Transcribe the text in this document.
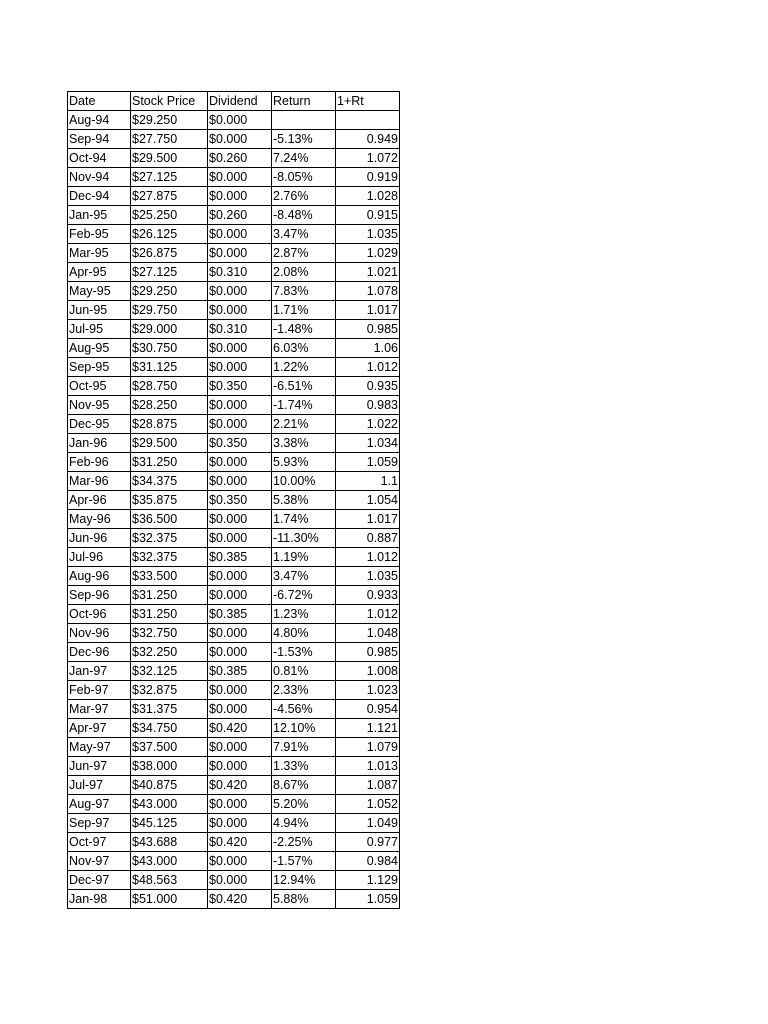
Date	Stock Price	Dividend	Return	1+Rt
Aug-94	$29.250	$0.000		
Sep-94	$27.750	$0.000	-5.13%	0.949
Oct-94	$29.500	$0.260	7.24%	1.072
Nov-94	$27.125	$0.000	-8.05%	0.919
Dec-94	$27.875	$0.000	2.76%	1.028
Jan-95	$25.250	$0.260	-8.48%	0.915
Feb-95	$26.125	$0.000	3.47%	1.035
Mar-95	$26.875	$0.000	2.87%	1.029
Apr-95	$27.125	$0.310	2.08%	1.021
May-95	$29.250	$0.000	7.83%	1.078
Jun-95	$29.750	$0.000	1.71%	1.017
Jul-95	$29.000	$0.310	-1.48%	0.985
Aug-95	$30.750	$0.000	6.03%	1.06
Sep-95	$31.125	$0.000	1.22%	1.012
Oct-95	$28.750	$0.350	-6.51%	0.935
Nov-95	$28.250	$0.000	-1.74%	0.983
Dec-95	$28.875	$0.000	2.21%	1.022
Jan-96	$29.500	$0.350	3.38%	1.034
Feb-96	$31.250	$0.000	5.93%	1.059
Mar-96	$34.375	$0.000	10.00%	1.1
Apr-96	$35.875	$0.350	5.38%	1.054
May-96	$36.500	$0.000	1.74%	1.017
Jun-96	$32.375	$0.000	-11.30%	0.887
Jul-96	$32.375	$0.385	1.19%	1.012
Aug-96	$33.500	$0.000	3.47%	1.035
Sep-96	$31.250	$0.000	-6.72%	0.933
Oct-96	$31.250	$0.385	1.23%	1.012
Nov-96	$32.750	$0.000	4.80%	1.048
Dec-96	$32.250	$0.000	-1.53%	0.985
Jan-97	$32.125	$0.385	0.81%	1.008
Feb-97	$32.875	$0.000	2.33%	1.023
Mar-97	$31.375	$0.000	-4.56%	0.954
Apr-97	$34.750	$0.420	12.10%	1.121
May-97	$37.500	$0.000	7.91%	1.079
Jun-97	$38.000	$0.000	1.33%	1.013
Jul-97	$40.875	$0.420	8.67%	1.087
Aug-97	$43.000	$0.000	5.20%	1.052
Sep-97	$45.125	$0.000	4.94%	1.049
Oct-97	$43.688	$0.420	-2.25%	0.977
Nov-97	$43.000	$0.000	-1.57%	0.984
Dec-97	$48.563	$0.000	12.94%	1.129
Jan-98	$51.000	$0.420	5.88%	1.059
